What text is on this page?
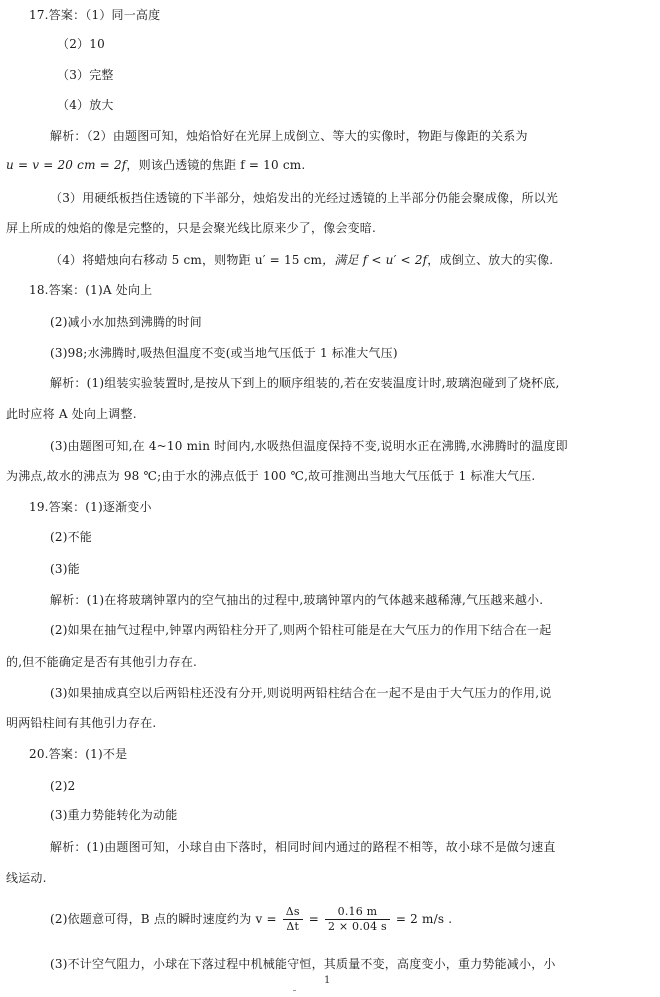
17.答案：（1）同一高度
（2）10
（3）完整
（4）放大
解析：（2）由题图可知，烛焰恰好在光屏上成倒立、等大的实像时，物距与像距的关系为
u = v = 20 cm = 2f，则该凸透镜的焦距 f = 10 cm.
（3）用硬纸板挡住透镜的下半部分，烛焰发出的光经过透镜的上半部分仍能会聚成像，所以光
屏上所成的烛焰的像是完整的，只是会聚光线比原来少了，像会变暗.
（4）将蜡烛向右移动 5 cm，则物距 u′ = 15 cm，满足 f < u′ < 2f，成倒立、放大的实像.
18.答案：(1)A 处向上
(2)减小水加热到沸腾的时间
(3)98;水沸腾时,吸热但温度不变(或当地气压低于 1 标准大气压)
解析：(1)组装实验装置时,是按从下到上的顺序组装的,若在安装温度计时,玻璃泡碰到了烧杯底,
此时应将 A 处向上调整.
(3)由题图可知,在 4~10 min 时间内,水吸热但温度保持不变,说明水正在沸腾,水沸腾时的温度即
为沸点,故水的沸点为 98 ℃;由于水的沸点低于 100 ℃,故可推测出当地大气压低于 1 标准大气压.
19.答案：(1)逐渐变小
(2)不能
(3)能
解析：(1)在将玻璃钟罩内的空气抽出的过程中,玻璃钟罩内的气体越来越稀薄,气压越来越小.
(2)如果在抽气过程中,钟罩内两铅柱分开了,则两个铅柱可能是在大气压力的作用下结合在一起
的,但不能确定是否有其他引力存在.
(3)如果抽成真空以后两铅柱还没有分开,则说明两铅柱结合在一起不是由于大气压力的作用,说
明两铅柱间有其他引力存在.
20.答案：(1)不是
(2)2
(3)重力势能转化为动能
解析：(1)由题图可知，小球自由下落时，相同时间内通过的路程不相等，故小球不是做匀速直
线运动.
(2)依题意可得，B 点的瞬时速度约为 $v = \frac{\Delta s}{\Delta t} = \frac{0.16 m}{2 \times 0.04 s} = 2$ m/s .
(3)不计空气阻力，小球在下落过程中机械能守恒，其质量不变，高度变小，重力势能减小，小
1
